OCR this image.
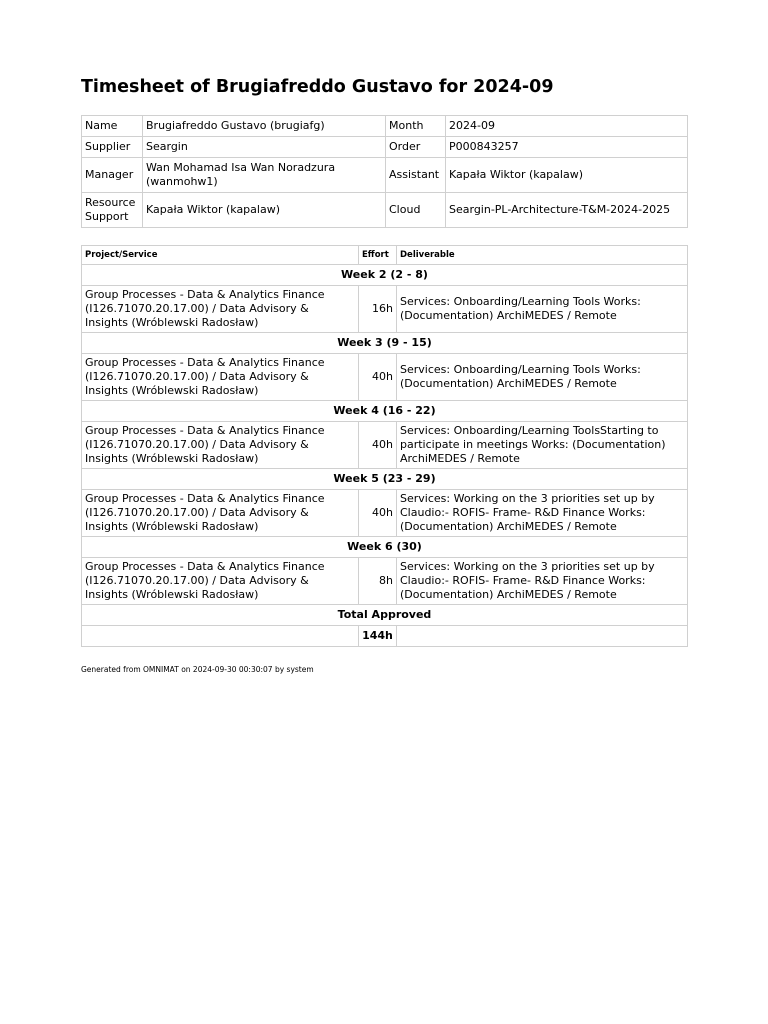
Timesheet of Brugiafreddo Gustavo for 2024-09
Name	Brugiafreddo Gustavo (brugiafg)	Month	2024-09
Supplier	Seargin	Order	P000843257
Manager	Wan Mohamad Isa Wan Noradzura (wanmohw1)	Assistant	Kapała Wiktor (kapalaw)
Resource Support	Kapała Wiktor (kapalaw)	Cloud	Seargin-PL-Architecture-T&M-2024-2025
Project/Service	Effort	Deliverable
Week 2 (2 - 8)		
Group Processes - Data & Analytics Finance (I126.71070.20.17.00) / Data Advisory & Insights (Wróblewski Radosław)	16h	Services: Onboarding/Learning Tools Works: (Documentation) ArchiMEDES / Remote
Week 3 (9 - 15)		
Group Processes - Data & Analytics Finance (I126.71070.20.17.00) / Data Advisory & Insights (Wróblewski Radosław)	40h	Services: Onboarding/Learning Tools Works: (Documentation) ArchiMEDES / Remote
Week 4 (16 - 22)		
Group Processes - Data & Analytics Finance (I126.71070.20.17.00) / Data Advisory & Insights (Wróblewski Radosław)	40h	Services: Onboarding/Learning ToolsStarting to participate in meetings Works: (Documentation) ArchiMEDES / Remote
Week 5 (23 - 29)		
Group Processes - Data & Analytics Finance (I126.71070.20.17.00) / Data Advisory & Insights (Wróblewski Radosław)	40h	Services: Working on the 3 priorities set up by Claudio:- ROFIS- Frame- R&D Finance Works: (Documentation) ArchiMEDES / Remote
Week 6 (30)		
Group Processes - Data & Analytics Finance (I126.71070.20.17.00) / Data Advisory & Insights (Wróblewski Radosław)	8h	Services: Working on the 3 priorities set up by Claudio:- ROFIS- Frame- R&D Finance Works: (Documentation) ArchiMEDES / Remote
Total Approved		
	144h	
Generated from OMNIMAT on 2024-09-30 00:30:07 by system
